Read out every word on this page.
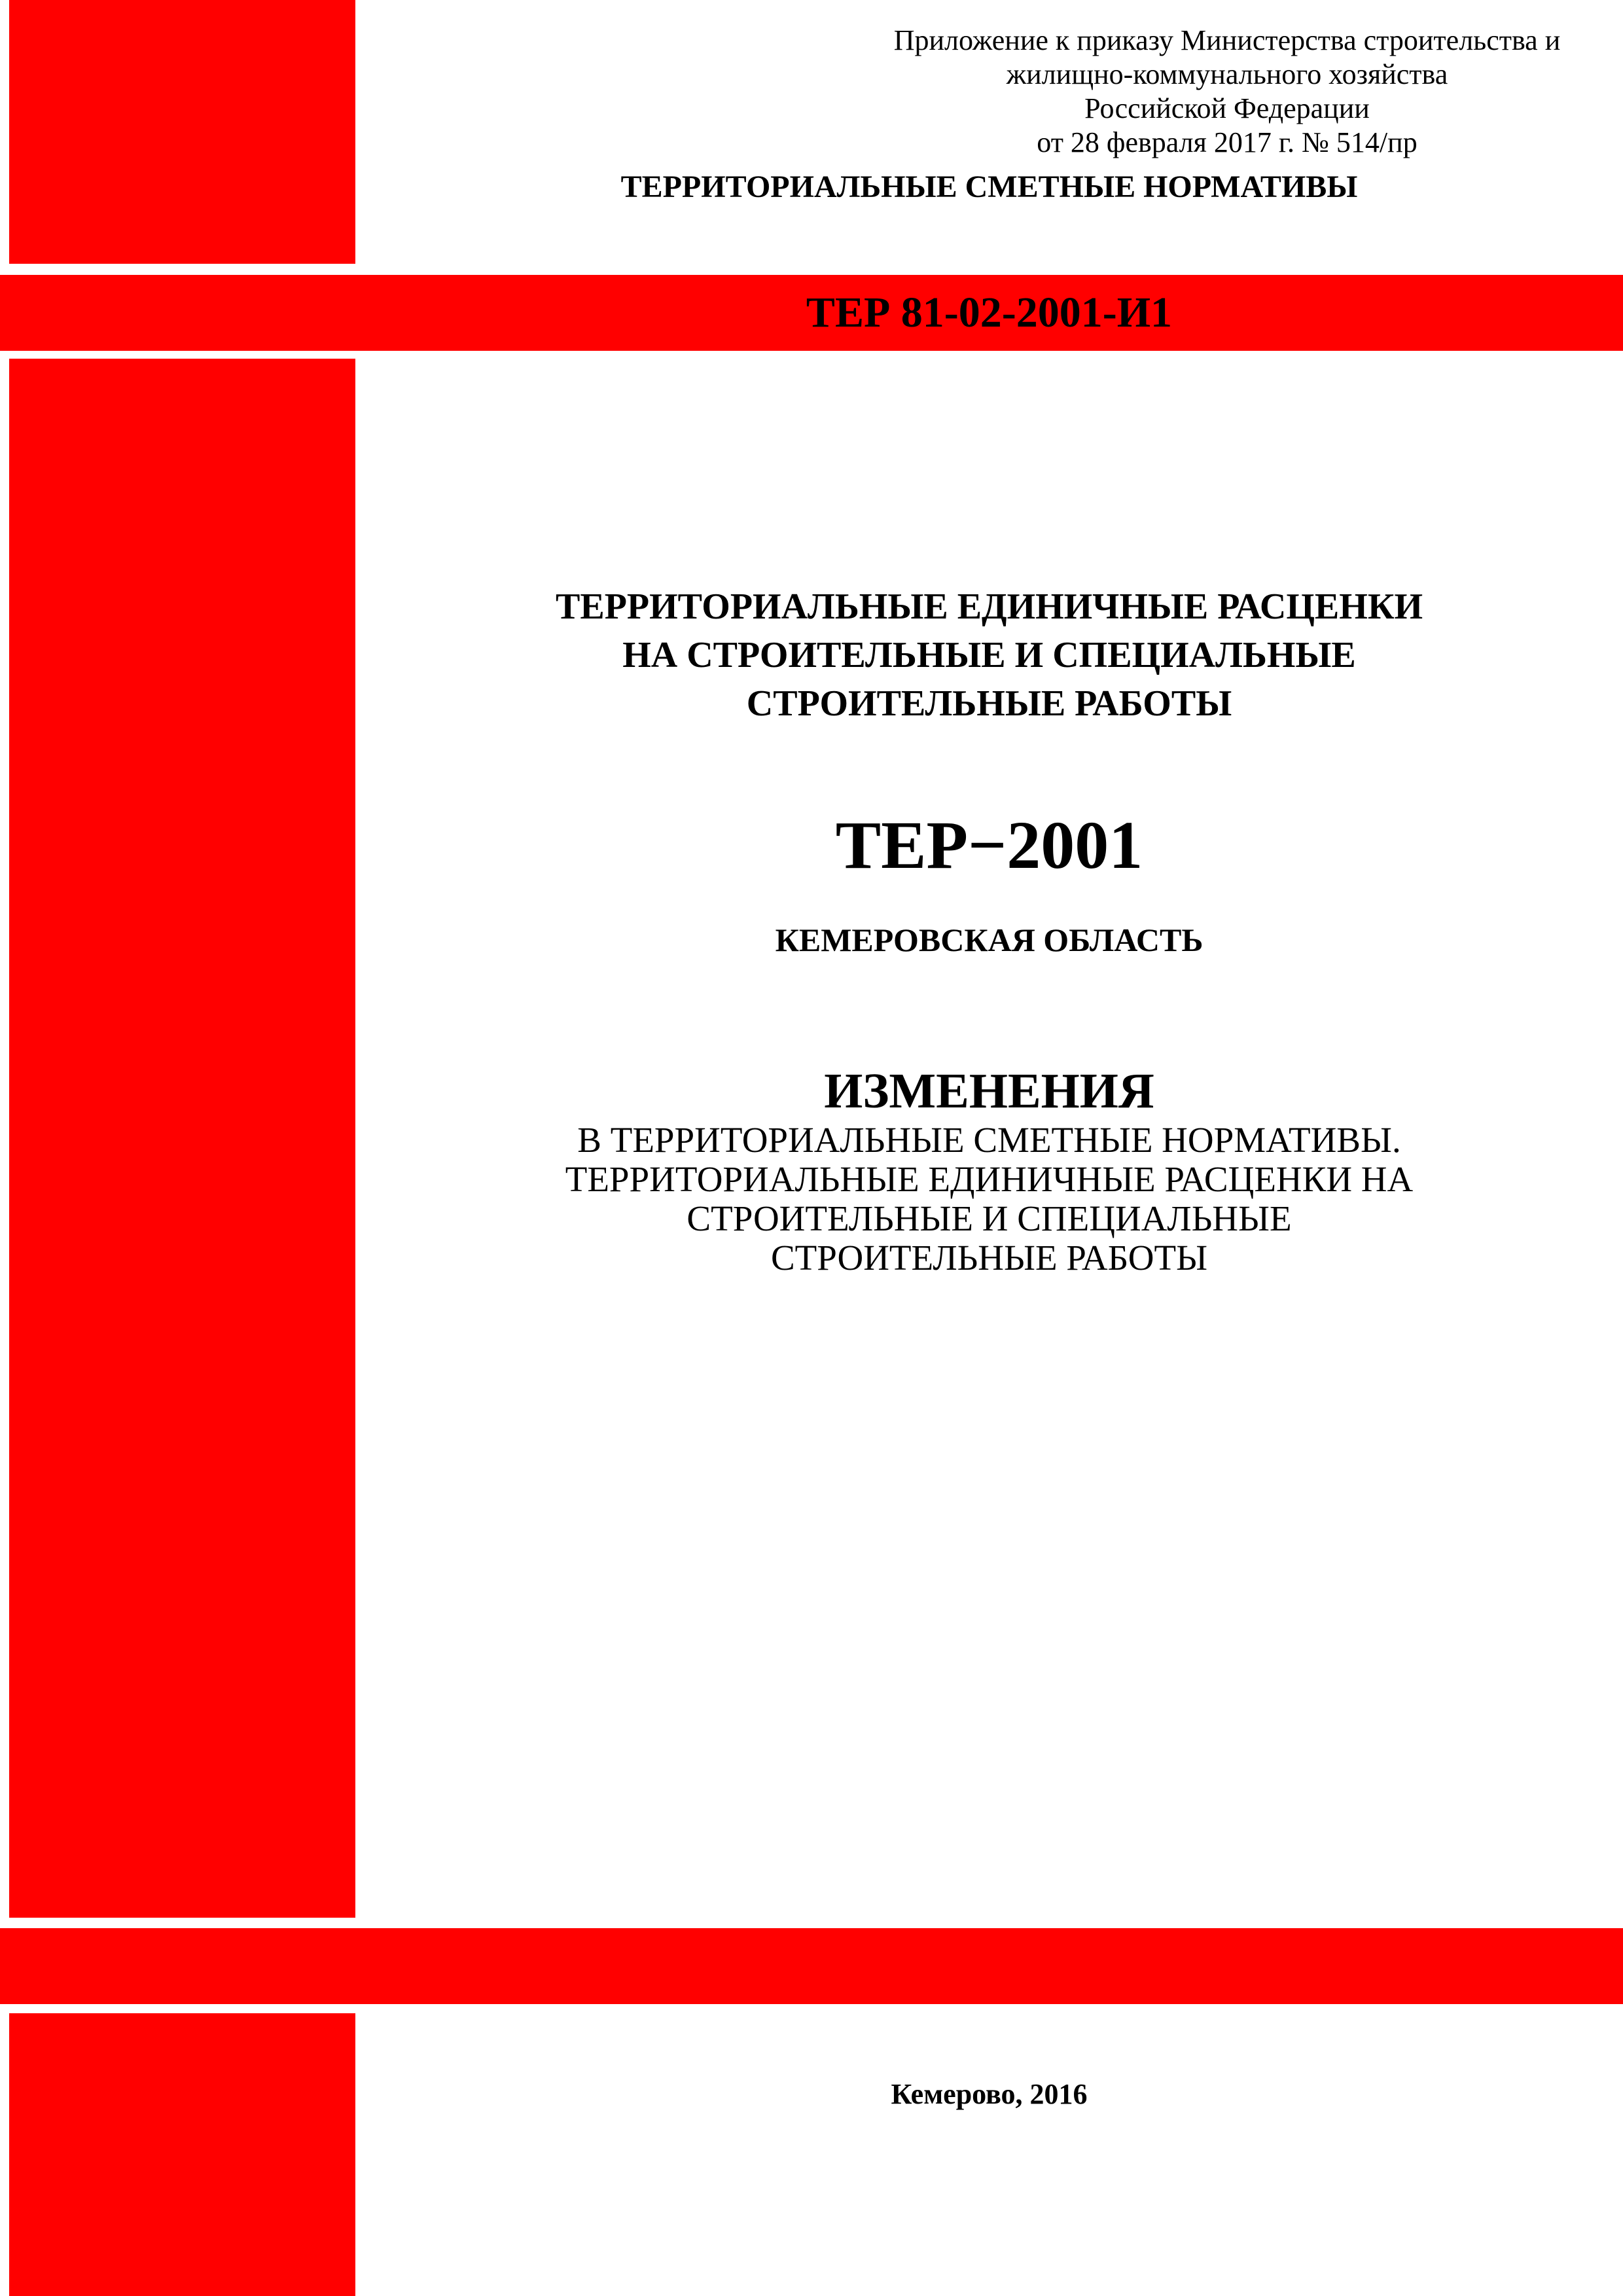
Приложение к приказу Министерства строительства и
жилищно-коммунального хозяйства
Российской Федерации
от 28 февраля 2017 г. № 514/пр
ТЕРРИТОРИАЛЬНЫЕ СМЕТНЫЕ НОРМАТИВЫ
ТЕР 81-02-2001-И1
ТЕРРИТОРИАЛЬНЫЕ ЕДИНИЧНЫЕ РАСЦЕНКИ
НА СТРОИТЕЛЬНЫЕ И СПЕЦИАЛЬНЫЕ
СТРОИТЕЛЬНЫЕ РАБОТЫ
ТЕР−2001
КЕМЕРОВСКАЯ ОБЛАСТЬ
ИЗМЕНЕНИЯ
В ТЕРРИТОРИАЛЬНЫЕ СМЕТНЫЕ НОРМАТИВЫ.
ТЕРРИТОРИАЛЬНЫЕ ЕДИНИЧНЫЕ РАСЦЕНКИ НА
СТРОИТЕЛЬНЫЕ И СПЕЦИАЛЬНЫЕ
СТРОИТЕЛЬНЫЕ РАБОТЫ
Кемерово, 2016
